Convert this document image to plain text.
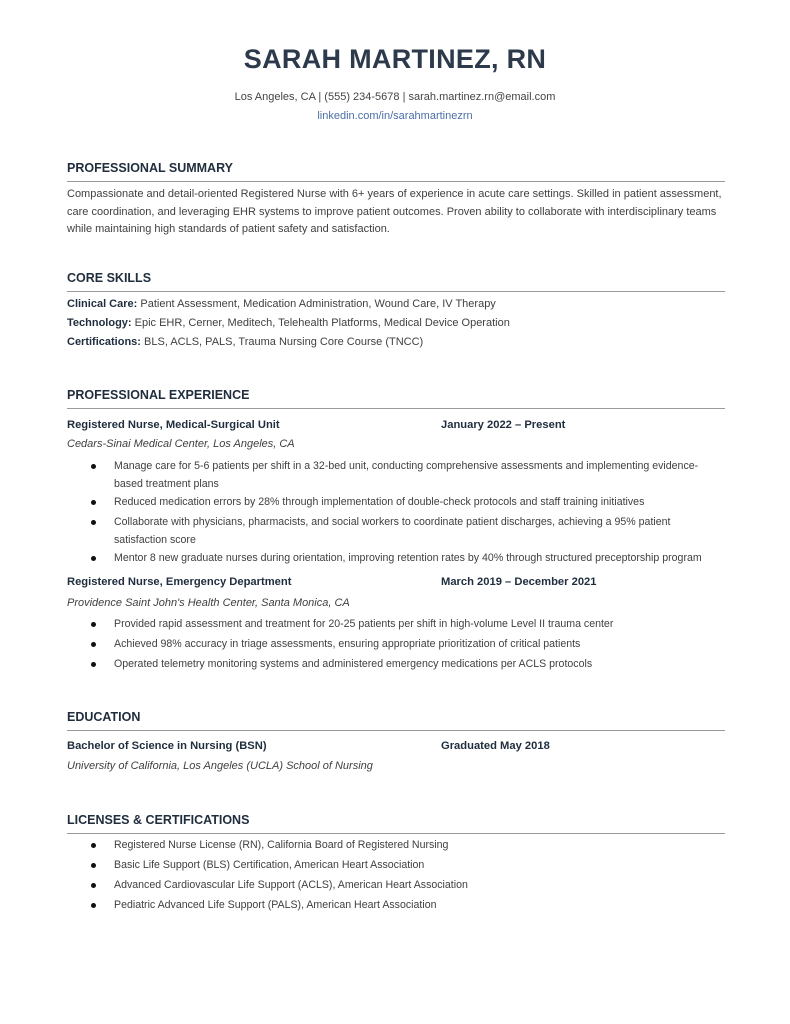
SARAH MARTINEZ, RN
Los Angeles, CA | (555) 234-5678 | sarah.martinez.rn@email.com
linkedin.com/in/sarahmartinezrn
PROFESSIONAL SUMMARY
Compassionate and detail-oriented Registered Nurse with 6+ years of experience in acute care settings. Skilled in patient assessment, care coordination, and leveraging EHR systems to improve patient outcomes. Proven ability to collaborate with interdisciplinary teams while maintaining high standards of patient safety and satisfaction.
CORE SKILLS
Clinical Care: Patient Assessment, Medication Administration, Wound Care, IV Therapy
Technology: Epic EHR, Cerner, Meditech, Telehealth Platforms, Medical Device Operation
Certifications: BLS, ACLS, PALS, Trauma Nursing Core Course (TNCC)
PROFESSIONAL EXPERIENCE
Registered Nurse, Medical-Surgical Unit	January 2022 – Present
Cedars-Sinai Medical Center, Los Angeles, CA
Manage care for 5-6 patients per shift in a 32-bed unit, conducting comprehensive assessments and implementing evidence-based treatment plans
Reduced medication errors by 28% through implementation of double-check protocols and staff training initiatives
Collaborate with physicians, pharmacists, and social workers to coordinate patient discharges, achieving a 95% patient satisfaction score
Mentor 8 new graduate nurses during orientation, improving retention rates by 40% through structured preceptorship program
Registered Nurse, Emergency Department	March 2019 – December 2021
Providence Saint John's Health Center, Santa Monica, CA
Provided rapid assessment and treatment for 20-25 patients per shift in high-volume Level II trauma center
Achieved 98% accuracy in triage assessments, ensuring appropriate prioritization of critical patients
Operated telemetry monitoring systems and administered emergency medications per ACLS protocols
EDUCATION
Bachelor of Science in Nursing (BSN)	Graduated May 2018
University of California, Los Angeles (UCLA) School of Nursing
LICENSES & CERTIFICATIONS
Registered Nurse License (RN), California Board of Registered Nursing
Basic Life Support (BLS) Certification, American Heart Association
Advanced Cardiovascular Life Support (ACLS), American Heart Association
Pediatric Advanced Life Support (PALS), American Heart Association
